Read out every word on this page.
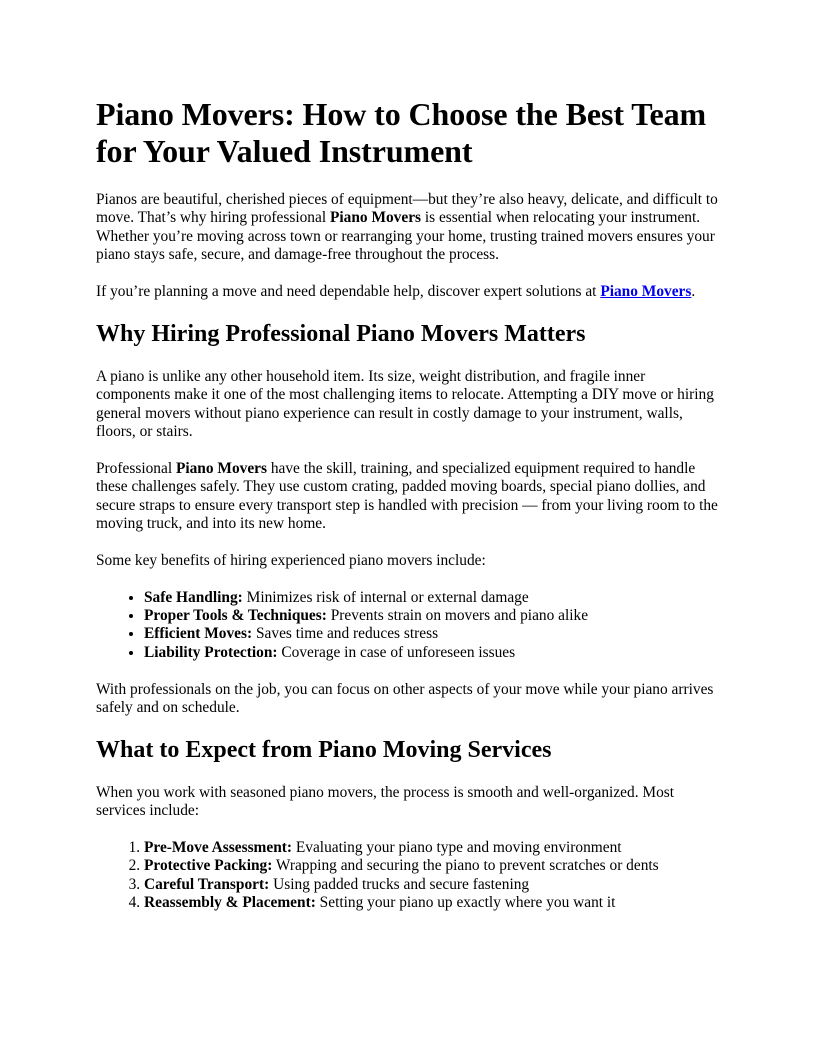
Piano Movers: How to Choose the Best Team for Your Valued Instrument

Pianos are beautiful, cherished pieces of equipment—but they’re also heavy, delicate, and difficult to move. That’s why hiring professional Piano Movers is essential when relocating your instrument. Whether you’re moving across town or rearranging your home, trusting trained movers ensures your piano stays safe, secure, and damage-free throughout the process.

If you’re planning a move and need dependable help, discover expert solutions at Piano Movers.

Why Hiring Professional Piano Movers Matters

A piano is unlike any other household item. Its size, weight distribution, and fragile inner components make it one of the most challenging items to relocate. Attempting a DIY move or hiring general movers without piano experience can result in costly damage to your instrument, walls, floors, or stairs.

Professional Piano Movers have the skill, training, and specialized equipment required to handle these challenges safely. They use custom crating, padded moving boards, special piano dollies, and secure straps to ensure every transport step is handled with precision — from your living room to the moving truck, and into its new home.

Some key benefits of hiring experienced piano movers include:

• Safe Handling: Minimizes risk of internal or external damage
• Proper Tools & Techniques: Prevents strain on movers and piano alike
• Efficient Moves: Saves time and reduces stress
• Liability Protection: Coverage in case of unforeseen issues

With professionals on the job, you can focus on other aspects of your move while your piano arrives safely and on schedule.

What to Expect from Piano Moving Services

When you work with seasoned piano movers, the process is smooth and well-organized. Most services include:

1. Pre-Move Assessment: Evaluating your piano type and moving environment
2. Protective Packing: Wrapping and securing the piano to prevent scratches or dents
3. Careful Transport: Using padded trucks and secure fastening
4. Reassembly & Placement: Setting your piano up exactly where you want it
